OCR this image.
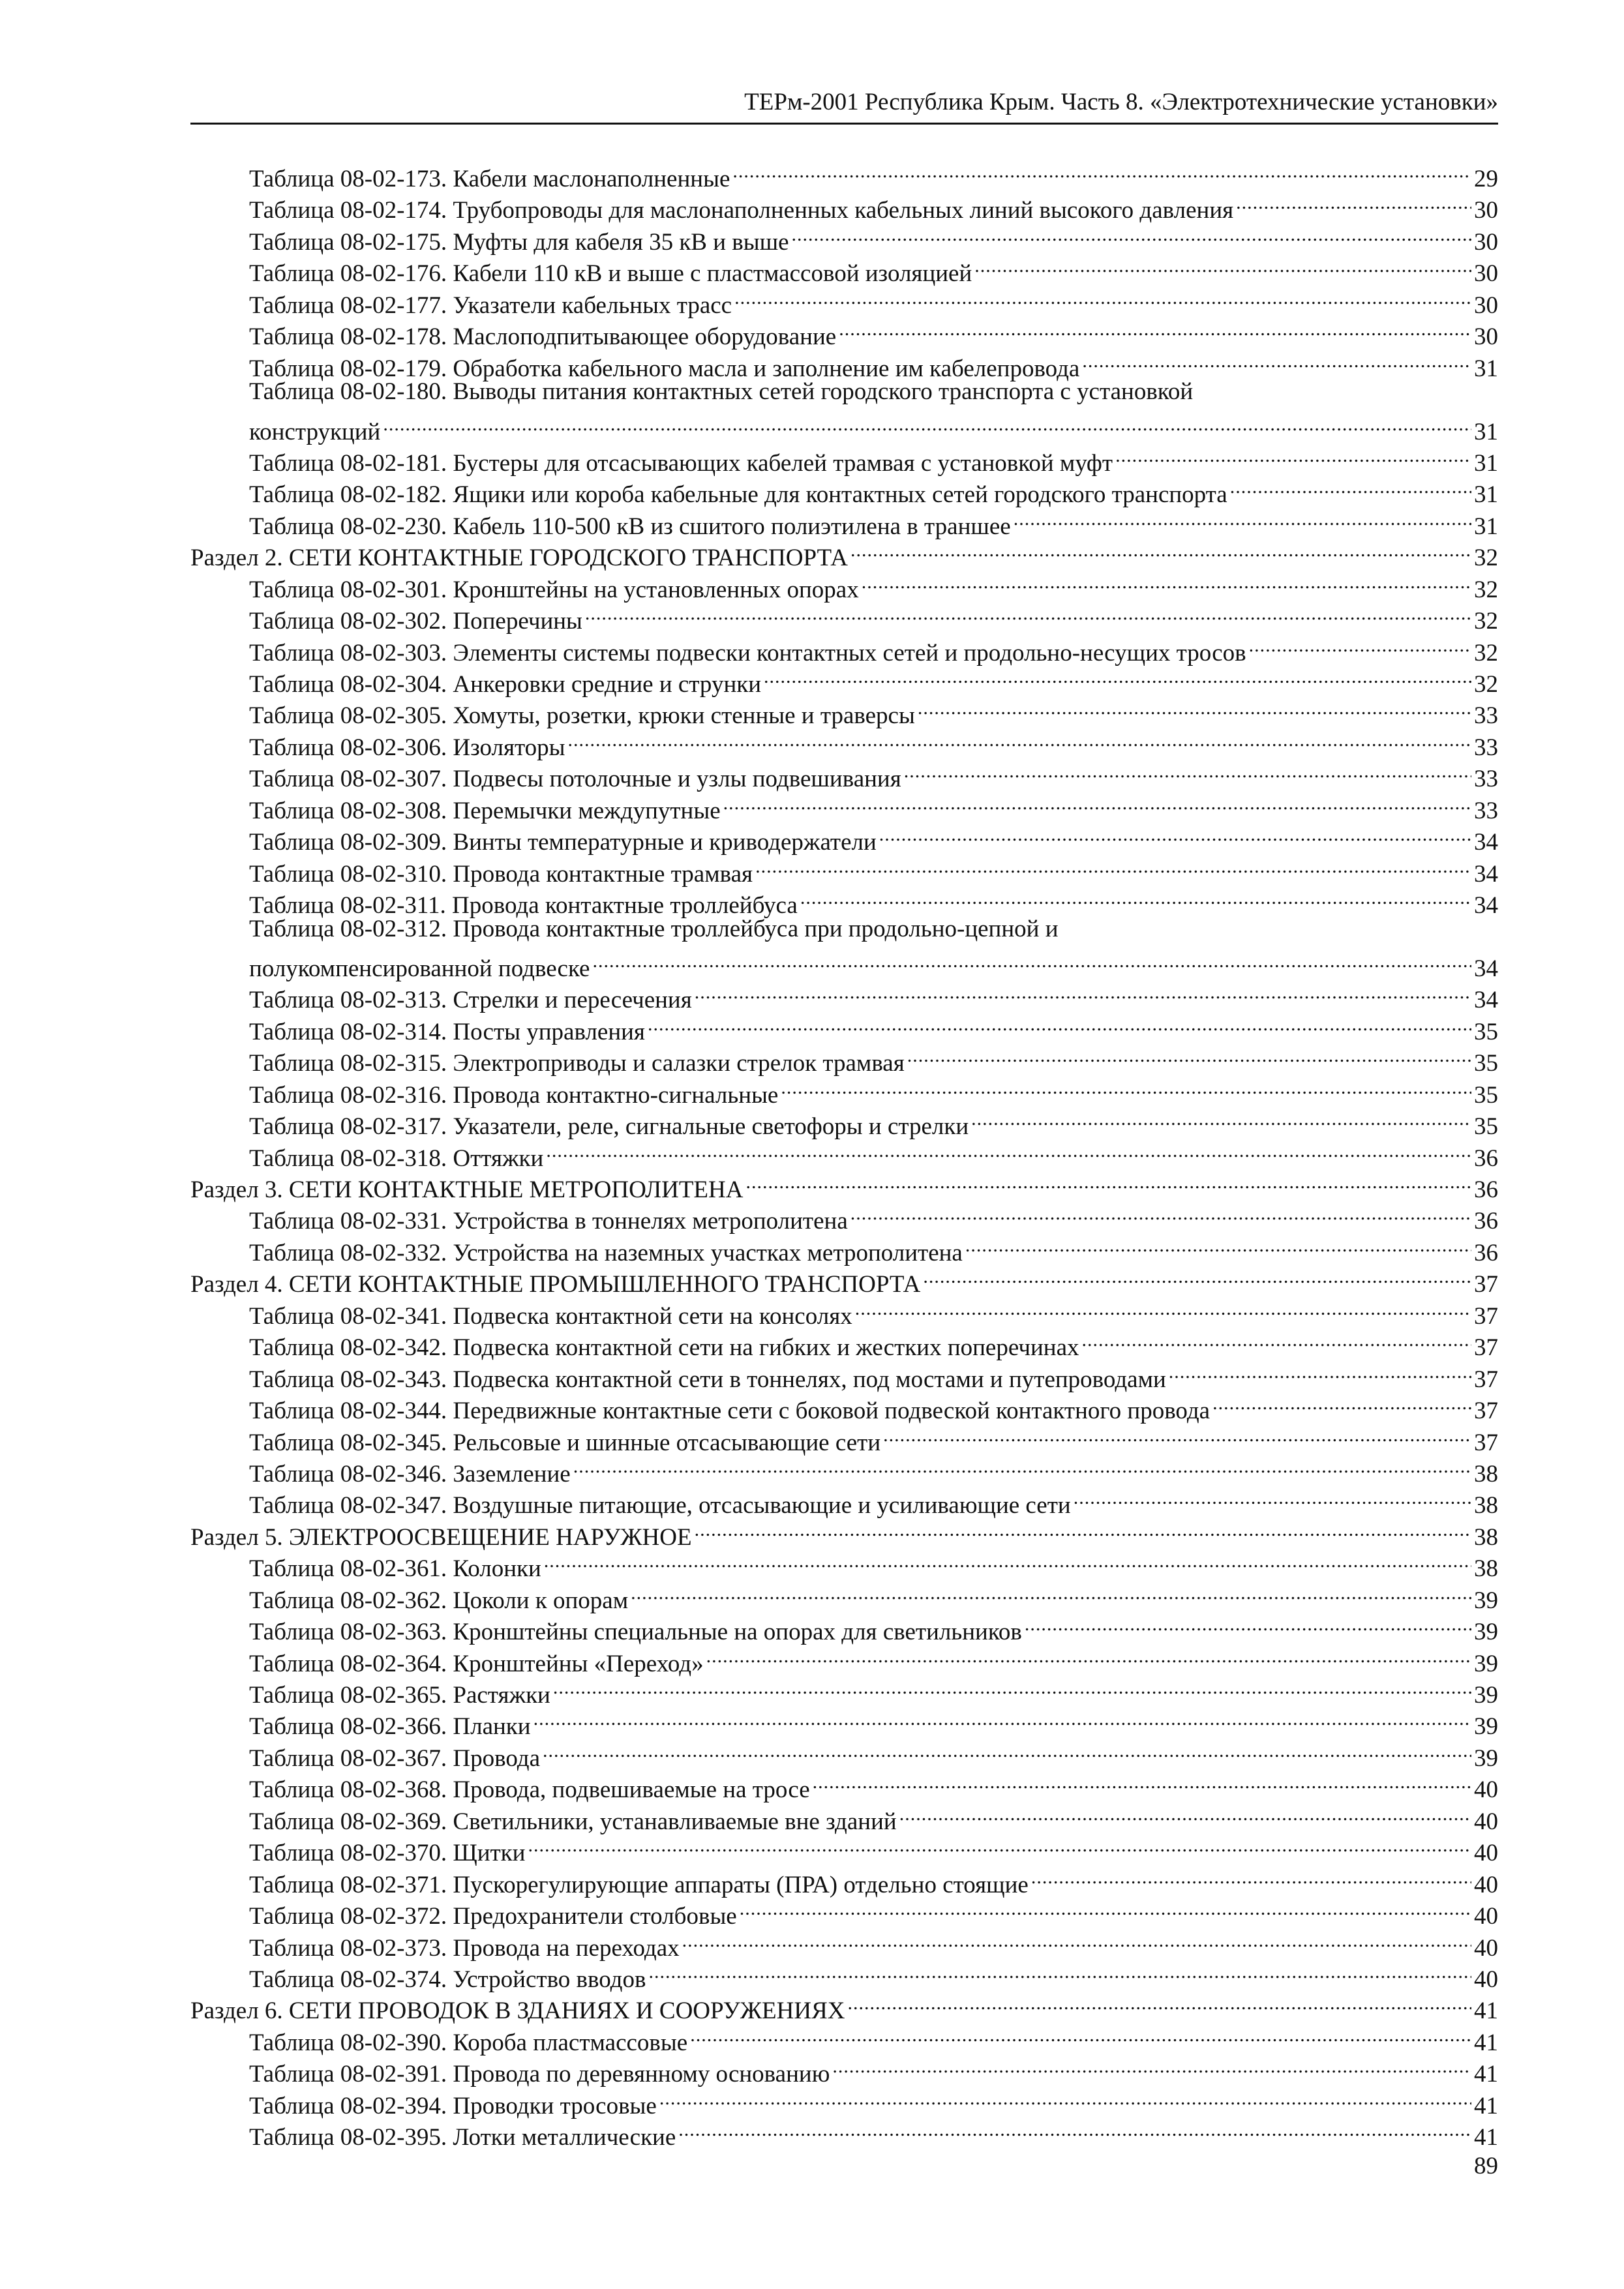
ТЕРм-2001 Республика Крым. Часть 8. «Электротехнические установки»
Таблица 08-02-173. Кабели маслонаполненные .....	29
Таблица 08-02-174. Трубопроводы для маслонаполненных кабельных линий высокого давления .....	30
Таблица 08-02-175. Муфты для кабеля 35 кВ и выше .....	30
Таблица 08-02-176. Кабели 110 кВ и выше с пластмассовой изоляцией .....	30
Таблица 08-02-177. Указатели кабельных трасс .....	30
Таблица 08-02-178. Маслоподпитывающее оборудование .....	30
Таблица 08-02-179. Обработка кабельного масла и заполнение им кабелепровода .....	31
Таблица 08-02-180. Выводы питания контактных сетей городского транспорта с установкой
конструкций .....	31
Таблица 08-02-181. Бустеры для отсасывающих кабелей трамвая с установкой муфт .....	31
Таблица 08-02-182. Ящики или короба кабельные для контактных сетей городского транспорта .....	31
Таблица 08-02-230. Кабель 110-500 кВ из сшитого полиэтилена в траншее .....	31
Раздел 2. СЕТИ КОНТАКТНЫЕ ГОРОДСКОГО ТРАНСПОРТА .....	32
Таблица 08-02-301. Кронштейны на установленных опорах .....	32
Таблица 08-02-302. Поперечины .....	32
Таблица 08-02-303. Элементы системы подвески контактных сетей и продольно-несущих тросов .....	32
Таблица 08-02-304. Анкеровки средние и струнки .....	32
Таблица 08-02-305. Хомуты, розетки, крюки стенные и траверсы .....	33
Таблица 08-02-306. Изоляторы .....	33
Таблица 08-02-307. Подвесы потолочные и узлы подвешивания .....	33
Таблица 08-02-308. Перемычки междупутные .....	33
Таблица 08-02-309. Винты температурные и криводержатели .....	34
Таблица 08-02-310. Провода контактные трамвая .....	34
Таблица 08-02-311. Провода контактные троллейбуса .....	34
Таблица 08-02-312. Провода контактные троллейбуса при продольно-цепной и
полукомпенсированной подвеске .....	34
Таблица 08-02-313. Стрелки и пересечения .....	34
Таблица 08-02-314. Посты управления .....	35
Таблица 08-02-315. Электроприводы и салазки стрелок трамвая .....	35
Таблица 08-02-316. Провода контактно-сигнальные .....	35
Таблица 08-02-317. Указатели, реле, сигнальные светофоры и стрелки .....	35
Таблица 08-02-318. Оттяжки .....	36
Раздел 3. СЕТИ КОНТАКТНЫЕ МЕТРОПОЛИТЕНА .....	36
Таблица 08-02-331. Устройства в тоннелях метрополитена .....	36
Таблица 08-02-332. Устройства на наземных участках метрополитена .....	36
Раздел 4. СЕТИ КОНТАКТНЫЕ ПРОМЫШЛЕННОГО ТРАНСПОРТА .....	37
Таблица 08-02-341. Подвеска контактной сети на консолях .....	37
Таблица 08-02-342. Подвеска контактной сети на гибких и жестких поперечинах .....	37
Таблица 08-02-343. Подвеска контактной сети в тоннелях, под мостами и путепроводами .....	37
Таблица 08-02-344. Передвижные контактные сети с боковой подвеской контактного провода .....	37
Таблица 08-02-345. Рельсовые и шинные отсасывающие сети .....	37
Таблица 08-02-346. Заземление .....	38
Таблица 08-02-347. Воздушные питающие, отсасывающие и усиливающие сети .....	38
Раздел 5. ЭЛЕКТРООСВЕЩЕНИЕ НАРУЖНОЕ .....	38
Таблица 08-02-361. Колонки .....	38
Таблица 08-02-362. Цоколи к опорам .....	39
Таблица 08-02-363. Кронштейны специальные на опорах для светильников .....	39
Таблица 08-02-364. Кронштейны «Переход» .....	39
Таблица 08-02-365. Растяжки .....	39
Таблица 08-02-366. Планки .....	39
Таблица 08-02-367. Провода .....	39
Таблица 08-02-368. Провода, подвешиваемые на тросе .....	40
Таблица 08-02-369. Светильники, устанавливаемые вне зданий .....	40
Таблица 08-02-370. Щитки .....	40
Таблица 08-02-371. Пускорегулирующие аппараты (ПРА) отдельно стоящие .....	40
Таблица 08-02-372. Предохранители столбовые .....	40
Таблица 08-02-373. Провода на переходах .....	40
Таблица 08-02-374. Устройство вводов .....	40
Раздел 6. СЕТИ ПРОВОДОК В ЗДАНИЯХ И СООРУЖЕНИЯХ .....	41
Таблица 08-02-390. Короба пластмассовые .....	41
Таблица 08-02-391. Провода по деревянному основанию .....	41
Таблица 08-02-394. Проводки тросовые .....	41
Таблица 08-02-395. Лотки металлические .....	41
89
